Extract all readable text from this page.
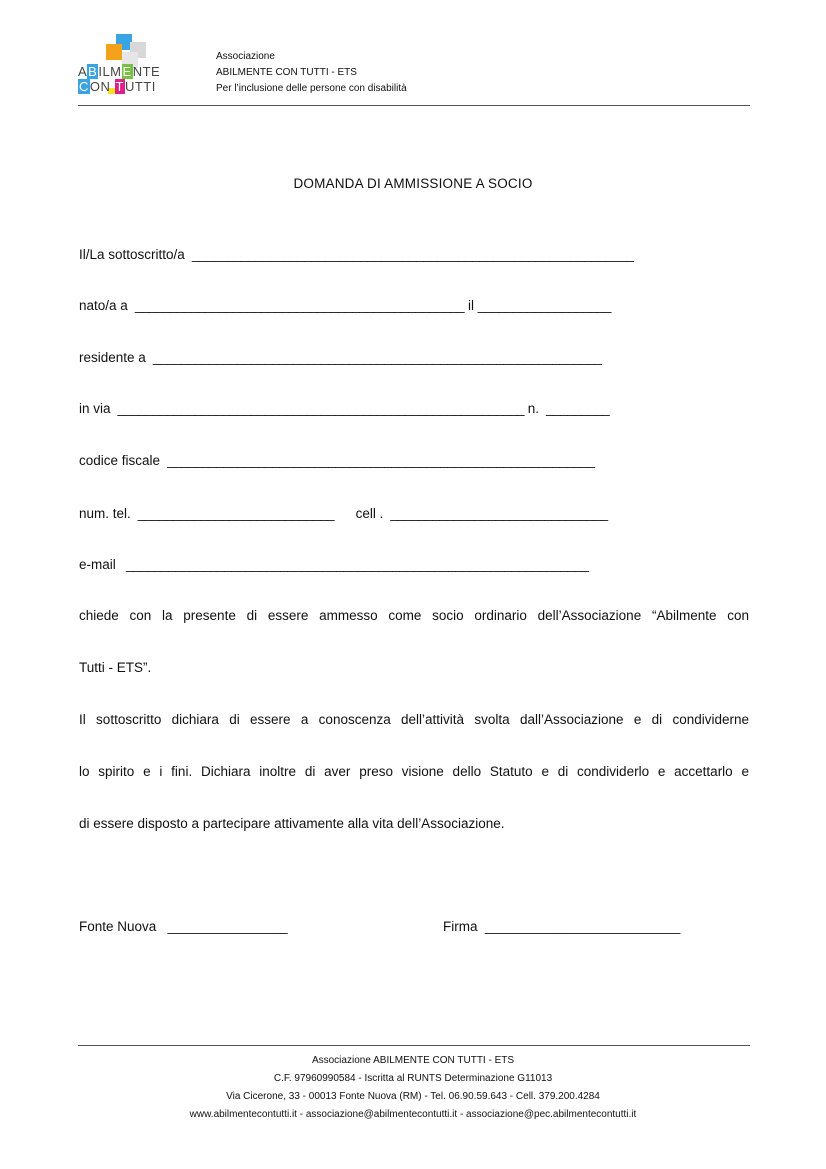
ABILMENTE
CON TUTTI
Associazione
ABILMENTE CON TUTTI - ETS
Per l’inclusione delle persone con disabilità
DOMANDA DI AMMISSIONE A SOCIO
Il/La sottoscritto/a  _______________________________________________________________
nato/a a  _______________________________________________ il ___________________
residente a  ________________________________________________________________
in via  __________________________________________________________ n.  _________
codice fiscale  _____________________________________________________________
num. tel.  ____________________________ cell .  _______________________________
e-mail   __________________________________________________________________
chiede con la presente di essere ammesso come socio ordinario dell’Associazione “Abilmente con
Tutti - ETS”.
Il sottoscritto dichiara di essere a conoscenza dell’attività svolta dall’Associazione e di condividerne
lo spirito e i fini. Dichiara inoltre di aver preso visione dello Statuto e di condividerlo e accettarlo e
di essere disposto a partecipare attivamente alla vita dell’Associazione.
Fonte Nuova   ________________	Firma  __________________________
Associazione ABILMENTE CON TUTTI - ETS
C.F. 97960990584 - Iscritta al RUNTS Determinazione G11013
Via Cicerone, 33 - 00013 Fonte Nuova (RM) - Tel. 06.90.59.643 - Cell. 379.200.4284
www.abilmentecontutti.it - associazione@abilmentecontutti.it - associazione@pec.abilmentecontutti.it
